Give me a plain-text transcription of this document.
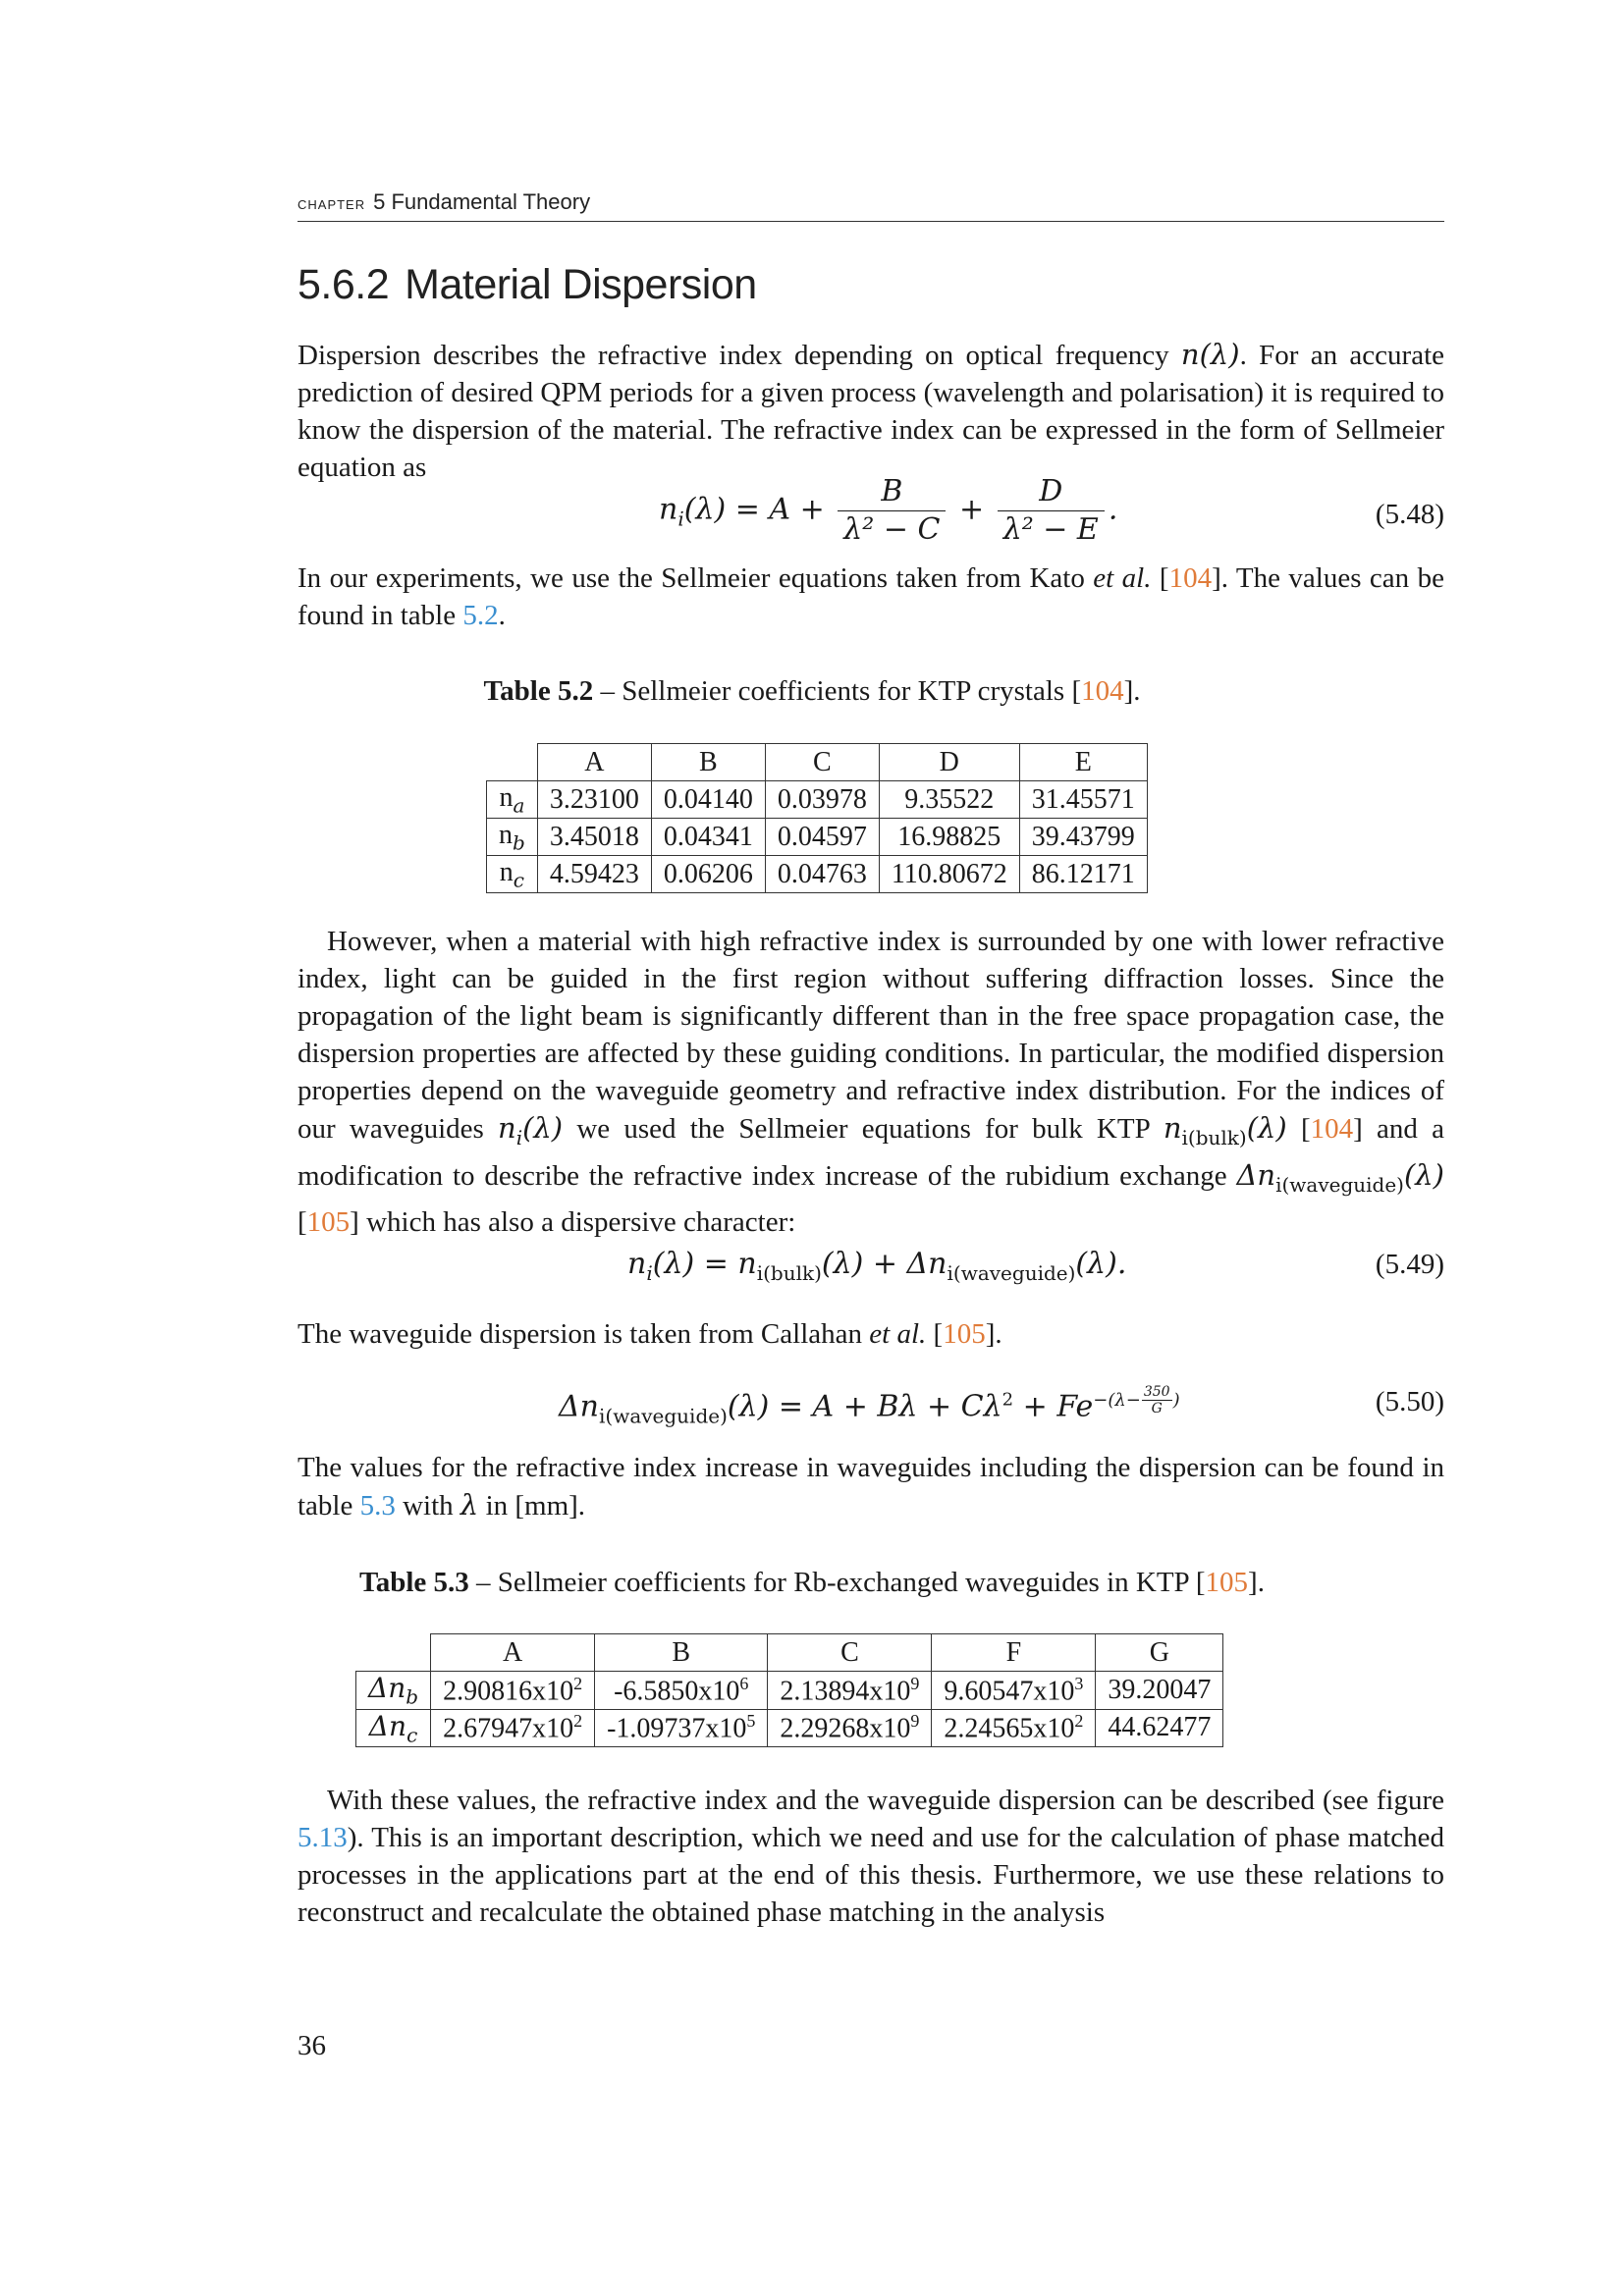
chapter 5 Fundamental Theory
5.6.2 Material Dispersion

Dispersion describes the refractive index depending on optical frequency n(λ). For an accurate prediction of desired QPM periods for a given process (wavelength and polarisation) it is required to know the dispersion of the material. The refractive index can be expressed in the form of Sellmeier equation as

$n_i(\lambda) = A + \frac{B}{\text{λ² − C}} + \frac{D}{\text{λ² − E}}$ .	(5.48)

In our experiments, we use the Sellmeier equations taken from Kato et al. [104]. The values can be found in table 5.2.

Table 5.2 – Sellmeier coefficients for KTP crystals [104].
	A	B	C	D	E
$n_a$	3.23100	0.04140	0.03978	9.35522	31.45571
$n_b$	3.45018	0.04341	0.04597	16.98825	39.43799
$n_c$	4.59423	0.06206	0.04763	110.80672	86.12171

However, when a material with high refractive index is surrounded by one with lower refractive index, light can be guided in the first region without suffering diffraction losses. Since the propagation of the light beam is significantly different than in the free space propagation case, the dispersion properties are affected by these guiding conditions. In particular, the modified dispersion properties depend on the waveguide geometry and refractive index distribution. For the indices of our waveguides $n_i(\lambda)$ we used the Sellmeier equations for bulk KTP $n_{i(bulk)}(\lambda)$ [104] and a modification to describe the refractive index increase of the rubidium exchange $\Delta n_{i(waveguide)}(\lambda)$ [105] which has also a dispersive character:

$n_i(\lambda) = n_{i(bulk)}(\lambda) + \Delta n_{i(waveguide)}(\lambda)$.	(5.49)

The waveguide dispersion is taken from Callahan et al. [105].

$\Delta n_{i(waveguide)}(\lambda) = A + B\lambda + C\lambda^2 + Fe^{-(\lambda- \frac{350}{G} )}$	(5.50)

The values for the refractive index increase in waveguides including the dispersion can be found in table 5.3 with λ in [mm].

Table 5.3 – Sellmeier coefficients for Rb-exchanged waveguides in KTP [105].
	A	B	C	F	G
$\Delta n_b$	$2.90816x10^2$	$-6.5850x10^6$	$2.13894x10^9$	$9.60547x10^3$	39.20047
$\Delta n_c$	$2.67947x10^2$	$-1.09737x10^5$	$2.29268x10^9$	$2.24565x10^2$	44.62477

With these values, the refractive index and the waveguide dispersion can be described (see figure 5.13). This is an important description, which we need and use for the calculation of phase matched processes in the applications part at the end of this thesis. Furthermore, we use these relations to reconstruct and recalculate the obtained phase matching in the analysis

36
